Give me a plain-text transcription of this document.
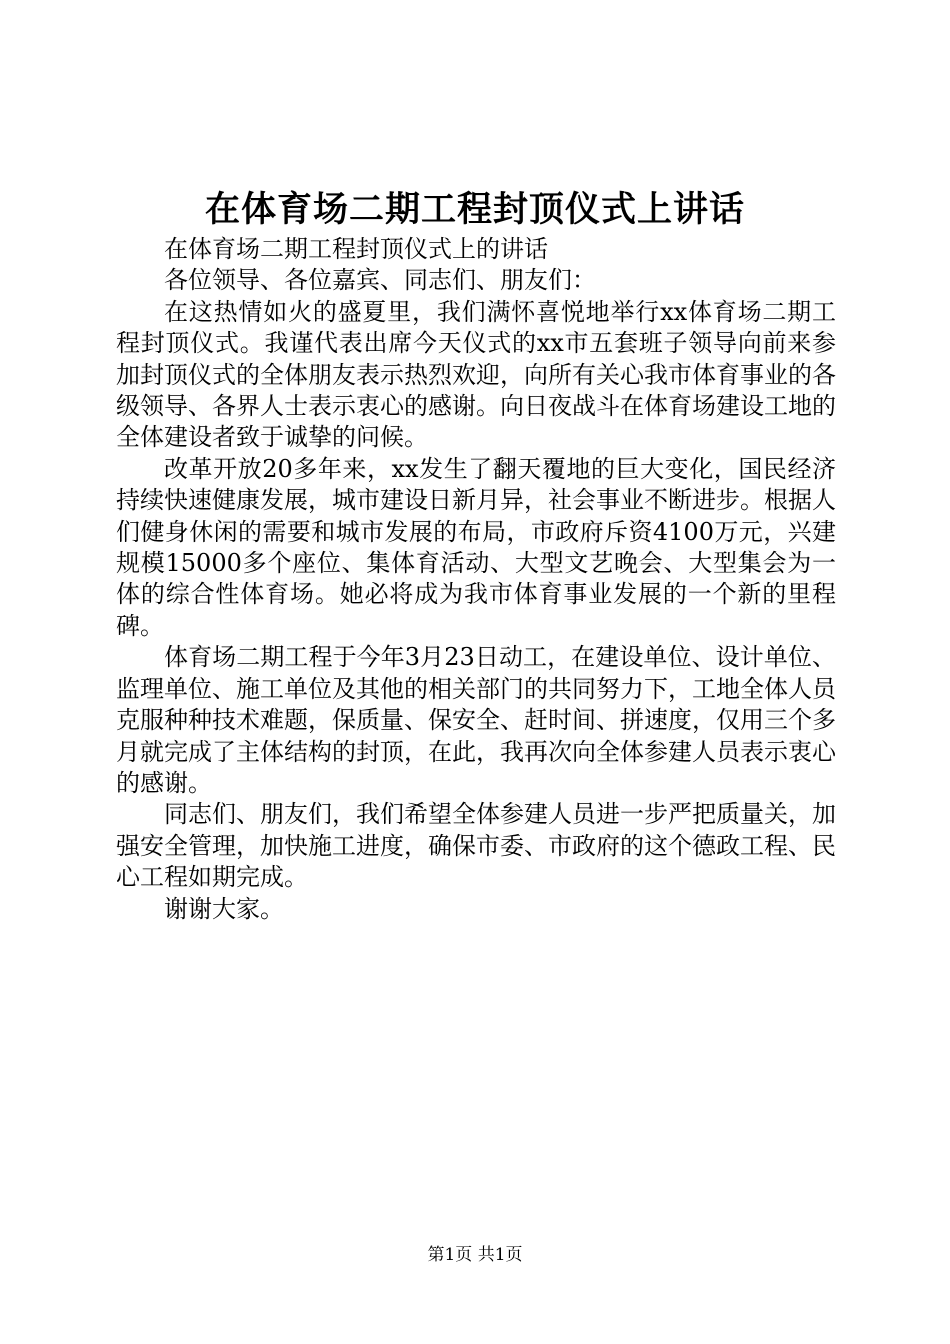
在体育场二期工程封顶仪式上讲话

在体育场二期工程封顶仪式上的讲话

各位领导、各位嘉宾、同志们、朋友们：

在这热情如火的盛夏里，我们满怀喜悦地举行xx体育场二期工程封顶仪式。我谨代表出席今天仪式的xx市五套班子领导向前来参加封顶仪式的全体朋友表示热烈欢迎，向所有关心我市体育事业的各级领导、各界人士表示衷心的感谢。向日夜战斗在体育场建设工地的全体建设者致于诚挚的问候。

改革开放20多年来，xx发生了翻天覆地的巨大变化，国民经济持续快速健康发展，城市建设日新月异，社会事业不断进步。根据人们健身休闲的需要和城市发展的布局，市政府斥资4100万元，兴建规模15000多个座位、集体育活动、大型文艺晚会、大型集会为一体的综合性体育场。她必将成为我市体育事业发展的一个新的里程碑。

体育场二期工程于今年3月23日动工，在建设单位、设计单位、监理单位、施工单位及其他的相关部门的共同努力下，工地全体人员克服种种技术难题，保质量、保安全、赶时间、拼速度，仅用三个多月就完成了主体结构的封顶，在此，我再次向全体参建人员表示衷心的感谢。

同志们、朋友们，我们希望全体参建人员进一步严把质量关，加强安全管理，加快施工进度，确保市委、市政府的这个德政工程、民心工程如期完成。

谢谢大家。

第1页 共1页
